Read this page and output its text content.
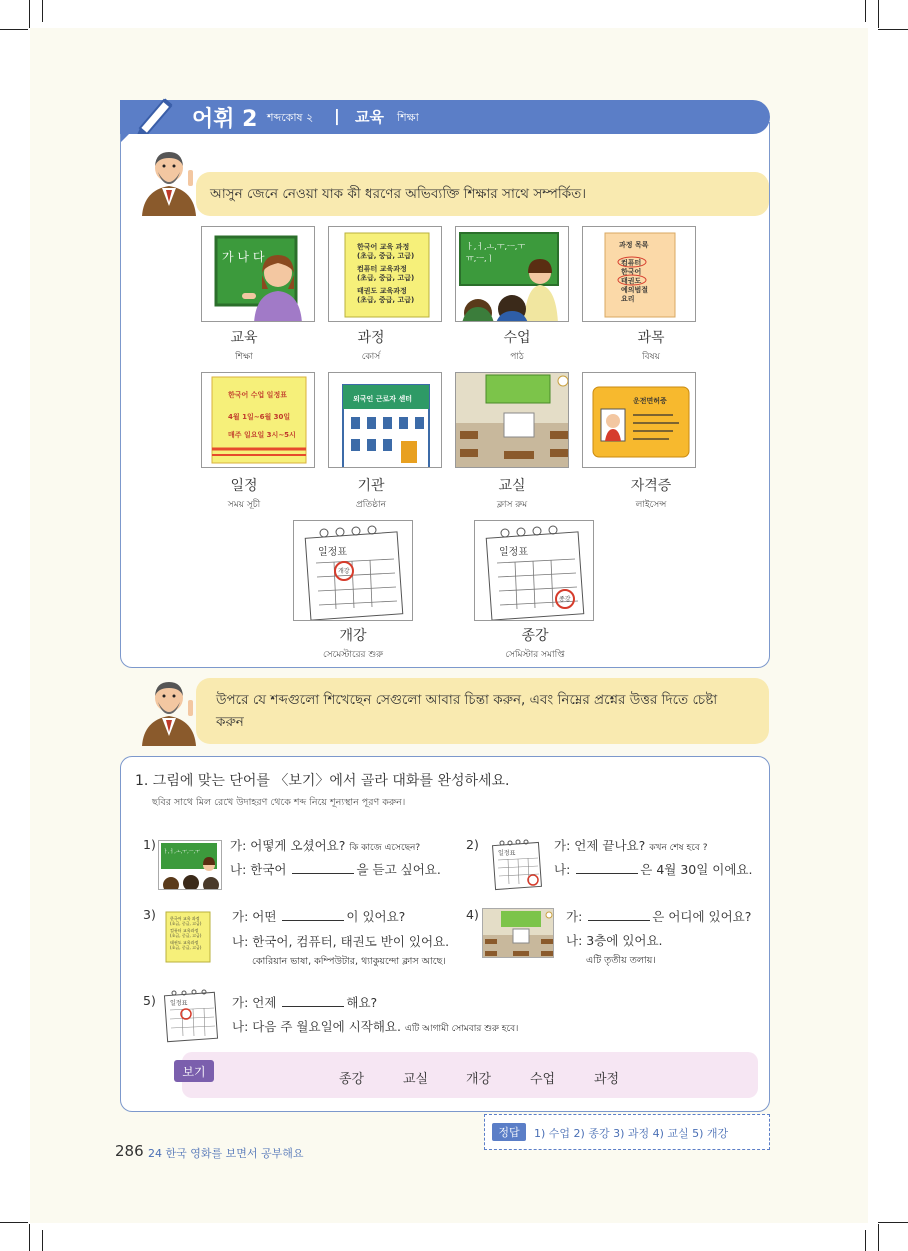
어휘 2 শব্দকোষ ২ | 교육 শিক্ষা
আসুন জেনে নেওয়া যাক কী ধরণের অভিব্যক্তি শিক্ষার সাথে সম্পর্কিত।
가 나 다
한국어 교육 과정
(초급, 중급, 고급)
컴퓨터 교육과정
(초급, 중급, 고급)
태권도 교육과정
(초급, 중급, 고급)
ㅏ,ㅓ,ㅗ,ㅜ,ㅡ,ㅜ
ㅠ,ㅡ,ㅣ
과정 목록
컴퓨터
한국어
태권도
예의범절
요리
교육
শিক্ষা
과정
কোর্স
수업
পাঠ
과목
বিষয়
한국어 수업 일정표
4월 1일~6월 30일
매주 일요일 3시~5시
외국인 근로자 센터	운전면허증
일정
সময় সূচী
기관
প্রতিষ্ঠান
교실
ক্লাস রুম
자격증
লাইসেন্স
일정표
개강
일정표
종강
개강
সেমেস্টারের শুরু
종강
সেমিস্টার সমাপ্তি
উপরে যে শব্দগুলো শিখেছেন সেগুলো আবার চিন্তা করুন, এবং নিম্নের প্রশ্নের উত্তর দিতে চেষ্টা করুন
1. 그림에 맞는 단어를 〈보기〉에서 골라 대화를 완성하세요.
ছবির সাথে মিল রেখে উদাহরণ থেকে শব্দ নিয়ে শূন্যস্থান পূরণ করুন।
1) ㅏ,ㅓ,ㅗ,ㅜ,ㅡ,ㅜ 가: 어떻게 오셨어요? কি কাজে এসেছেন?
나: 한국어	을 듣고 싶어요.
2)
일정표
가: 언제 끝나요? কখন শেষ হবে ?
나:	은 4월 30일 이에요.
3)	한국어 교육 과정
(초급, 중급, 고급)
컴퓨터 교육과정
(초급, 중급, 고급)
태권도 교육과정
(초급, 중급, 고급)
가: 어떤	이 있어요?
나: 한국어, 컴퓨터, 태권도 반이 있어요.
কোরিয়ান ভাষা, কম্পিউটার, থ্যাকুয়ন্দো ক্লাস আছে।
4)	가:	은 어디에 있어요?
나: 3층에 있어요.
এটি তৃতীয় তলায়।
5) 일정표	가: 언제	해요?
나: 다음 주 월요일에 시작해요. এটি আগামী সোমবার শুরু হবে।
보기
종강	교실	개강	수업	과정
정답	1) 수업 2) 종강 3) 과정 4) 교실 5) 개강
286 24 한국 영화를 보면서 공부해요
